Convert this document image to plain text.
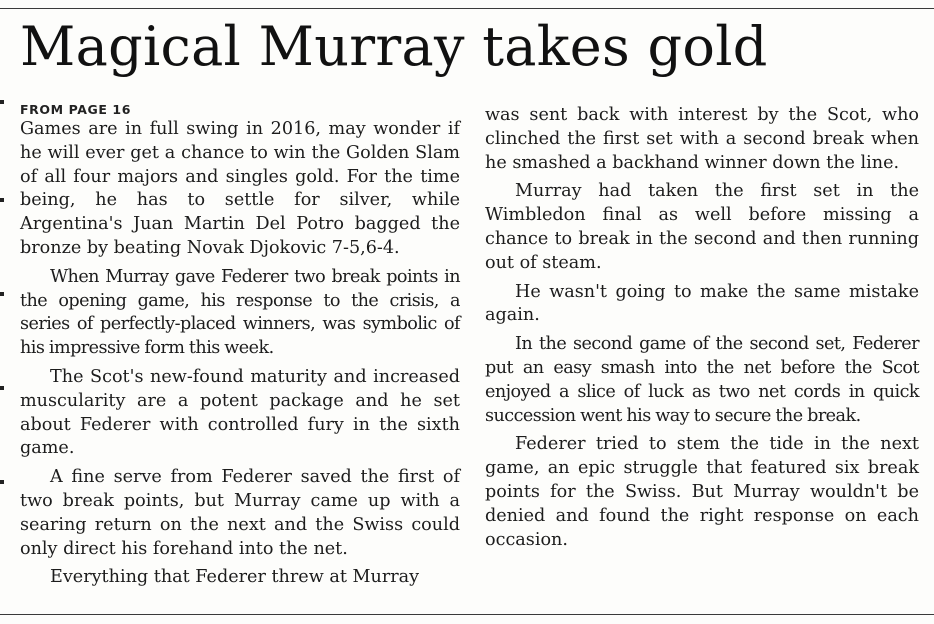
Magical Murray takes gold
FROM PAGE 16

Games are in full swing in 2016, may wonder if he will ever get a chance to win the Golden Slam of all four majors and singles gold. For the time being, he has to settle for silver, while Argentina's Juan Martin Del Potro bagged the bronze by beating Novak Djokovic 7-5,6-4.

When Murray gave Federer two break points in the opening game, his response to the crisis, a series of perfectly-placed winners, was symbolic of his impressive form this week.

The Scot's new-found maturity and increased muscularity are a potent package and he set about Federer with controlled fury in the sixth game.

A fine serve from Federer saved the first of two break points, but Murray came up with a searing return on the next and the Swiss could only direct his forehand into the net.

Everything that Federer threw at Murray

was sent back with interest by the Scot, who clinched the first set with a second break when he smashed a backhand winner down the line.

Murray had taken the first set in the Wimbledon final as well before missing a chance to break in the second and then running out of steam.

He wasn't going to make the same mistake again.

In the second game of the second set, Federer put an easy smash into the net before the Scot enjoyed a slice of luck as two net cords in quick succession went his way to secure the break.

Federer tried to stem the tide in the next game, an epic struggle that featured six break points for the Swiss. But Murray wouldn't be denied and found the right response on each occasion.
